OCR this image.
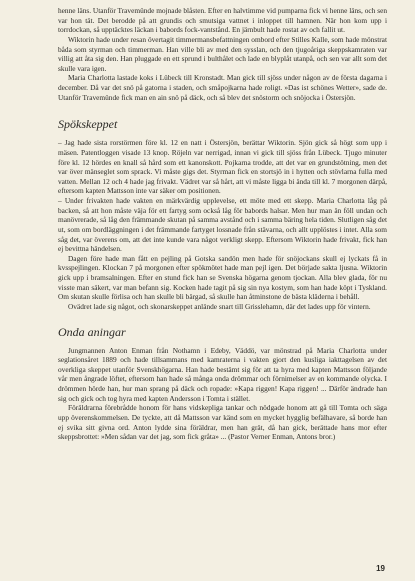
henne läns. Utanför Travemünde mojnade blåsten. Efter en halvtimme vid pumparna fick vi henne läns, och sen var hon tät. Det berodde på att grundis och smutsiga vattnet i inloppet till hamnen. När hon kom upp i torrdockan, så upptäcktes läckan i babords fock-vantstånd. En järnbult hade rostat av och fallit ut.

Wiktorin hade under resan övertagit timmermansbefattningen ombord efter Stilles Kalle, som hade mönstrat båda som styrman och timmerman. Han ville bli av med den sysslan, och den tjugoåriga skeppskamraten var villig att åta sig den. Han pluggade en ett sprund i bulthålet och lade en blyplåt utanpå, och sen var allt som det skulle vara igen.

Maria Charlotta lastade koks i Lübeck till Kronstadt. Man gick till sjöss under någon av de första dagarna i december. Då var det snö på gatorna i staden, och småpojkarna hade roligt. »Das ist schönes Wetter», sade de. Utanför Travemünde fick man en ain snö på däck, och så blev det snöstorm och snöjocka i Östersjön.

Spökskeppet

– Jag hade sista rorstörmen före kl. 12 en natt i Östersjön, berättar Wiktorin. Sjön gick så högt som upp i mäsen. Patentloggen visade 13 knop. Röjeln var nerrigad, innan vi gick till sjöss från Lübeck. Tjugo minuter före kl. 12 hördes en knall så hård som ett kanonskott. Pojkarna trodde, att det var en grundstötning, men det var över mänseglet som sprack. Vi måste gigs det. Styrman fick en stortsjö in i hytten och stövlarna fulla med vatten. Mellan 12 och 4 hade jag frivakt. Vädret var så hårt, att vi måste ligga bi ända till kl. 7 morgonen därpå, eftersom kapten Mattsson inte var säker om positionen.

– Under frivakten hade vakten en märkvärdig upplevelse, ett möte med ett skepp. Maria Charlotta låg på backen, så att hon måste väja för ett fartyg som också låg för babords halsar. Men hur man än föll undan och manövrerade, så låg den främmande skutan på samma avstånd och i samma bäring hela tiden. Slutligen såg det ut, som om bordläggningen i det främmande fartyget lossnade från stävarna, och allt upplöstes i intet. Alla som såg det, var överens om, att det inte kunde vara något verkligt skepp. Eftersom Wiktorin hade frivakt, fick han ej bevittna händelsen.

Dagen före hade man fått en pejling på Gotska sandön men hade för snöjockans skull ej lyckats få in kvsspejlingen. Klockan 7 på morgonen efter spökmötet hade man pejl igen. Det började sakta ljusna. Wiktorin gick upp i bramsalningen. Efter en stund fick han se Svenska högarna genom tjockan. Alla blev glada, för nu visste man säkert, var man befann sig. Kocken hade tagit på sig sin nya kostym, som han hade köpt i Tyskland. Om skutan skulle förlisa och han skulle bli bärgad, så skulle han åtminstone de bästa kläderna i behåll.

Ovädret lade sig något, och skonarskeppet anlände snart till Grisslehamn, där det lades upp för vintern.

Onda aningar

Jungmannen Anton Enman från Nothamn i Edeby, Väddö, var mönstrad på Maria Charlotta under seglationsåret 1889 och hade tillsammans med kamraterna i vakten gjort den kusliga iakttagelsen av det overkliga skeppet utanför Svenskhögarna. Han hade bestämt sig för att ta hyra med kapten Mattsson följande vår men ångrade löftet, eftersom han hade så många onda drömmar och förnimelser av en kommande olycka. I drömmen hörde han, hur man sprang på däck och ropade: »Kapa riggen! Kapa riggen! ... Därför ändrade han sig och gick och tog hyra med kapten Andersson i Tomta i stället.

Föräldrarna förebrådde honom för hans vidskepliga tankar och nödgade honom att gå till Tomta och säga upp överenskommelsen. De tyckte, att då Mattsson var känd som en mycket hygglig befälhavare, så borde han ej svika sitt givna ord. Anton lydde sina föräldrar, men han grät, då han gick, berättade hans mor efter skeppsbrottet: »Men sådan var det jag, som fick gråta» ... (Pastor Verner Enman, Antons bror.)

19
